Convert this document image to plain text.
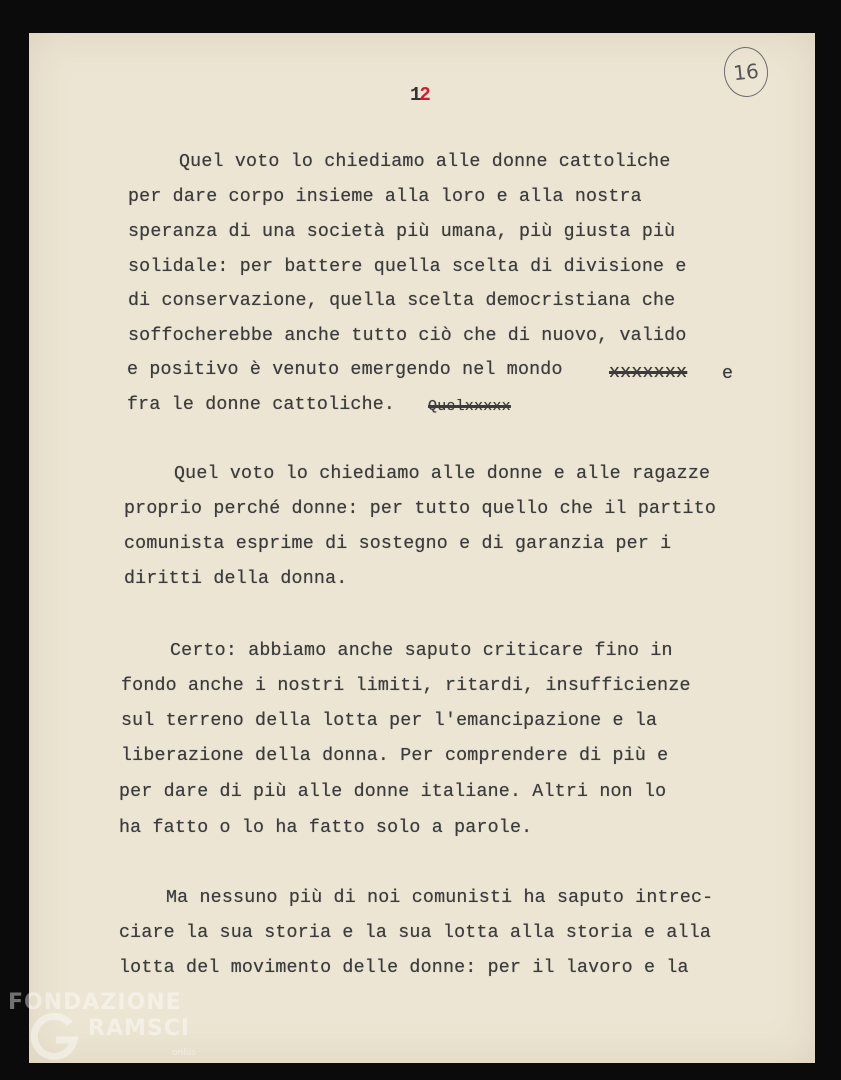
12
16
Quel voto lo chiediamo alle donne cattoliche
per dare corpo insieme alla loro e alla nostra
speranza di una società più umana, più giusta più
solidale: per battere quella scelta di divisione e
di conservazione, quella scelta democristiana che
soffocherebbe anche tutto ciò che di nuovo, valido
e positivo è venuto emergendo nel mondo	xxxxxxx e
fra le donne cattoliche. Quelxxxxx
Quel voto lo chiediamo alle donne e alle ragazze
proprio perché donne: per tutto quello che il partito
comunista esprime di sostegno e di garanzia per i
diritti della donna.
Certo: abbiamo anche saputo criticare fino in
fondo anche i nostri limiti, ritardi, insufficienze
sul terreno della lotta per l'emancipazione e la
liberazione della donna. Per comprendere di più e
per dare di più alle donne italiane. Altri non lo
ha fatto o lo ha fatto solo a parole.
Ma nessuno più di noi comunisti ha saputo intrec-
ciare la sua storia e la sua lotta alla storia e alla
lotta del movimento delle donne: per il lavoro e la
FONDAZIONE
RAMSCI
onlus
